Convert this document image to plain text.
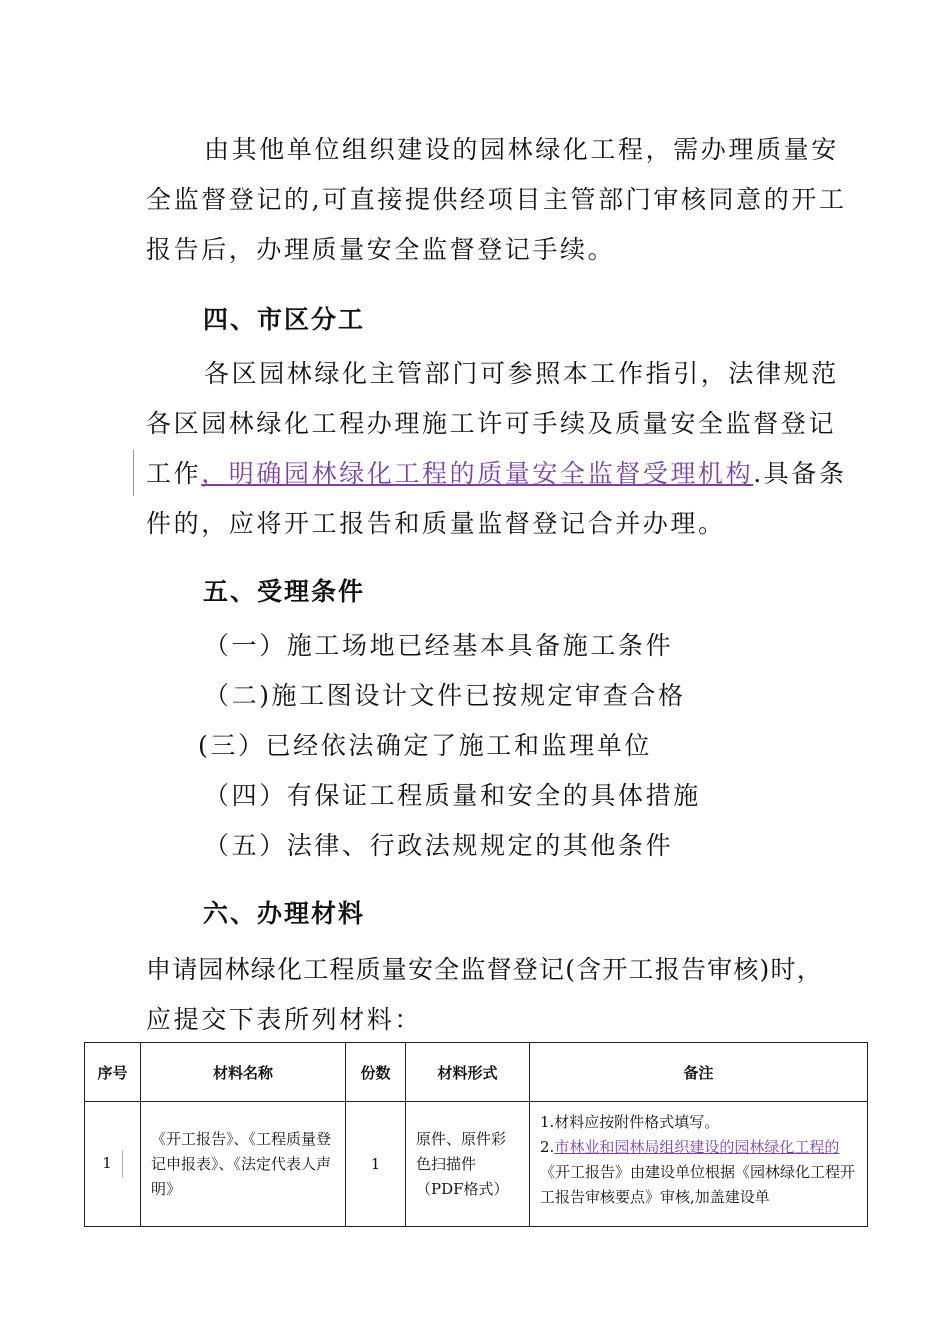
由其他单位组织建设的园林绿化工程，需办理质量安
全监督登记的,可直接提供经项目主管部门审核同意的开工
报告后，办理质量安全监督登记手续。
四、市区分工
各区园林绿化主管部门可参照本工作指引，法律规范
各区园林绿化工程办理施工许可手续及质量安全监督登记
工作，明确园林绿化工程的质量安全监督受理机构.具备条
件的，应将开工报告和质量监督登记合并办理。
五、受理条件
（一）施工场地已经基本具备施工条件
（二)施工图设计文件已按规定审查合格
(三）已经依法确定了施工和监理单位
（四）有保证工程质量和安全的具体措施
（五）法律、行政法规规定的其他条件
六、办理材料
申请园林绿化工程质量安全监督登记(含开工报告审核)时，
应提交下表所列材料：
序号	材料名称	份数	材料形式	备注
1	《开工报告》、《工程质量登记申报表》、《法定代表人声明》	1	原件、原件彩色扫描件（PDF格式）	1.材料应按附件格式填写。
2.市林业和园林局组织建设的园林绿化工程的《开工报告》由建设单位根据《园林绿化工程开工报告审核要点》审核,加盖建设单
